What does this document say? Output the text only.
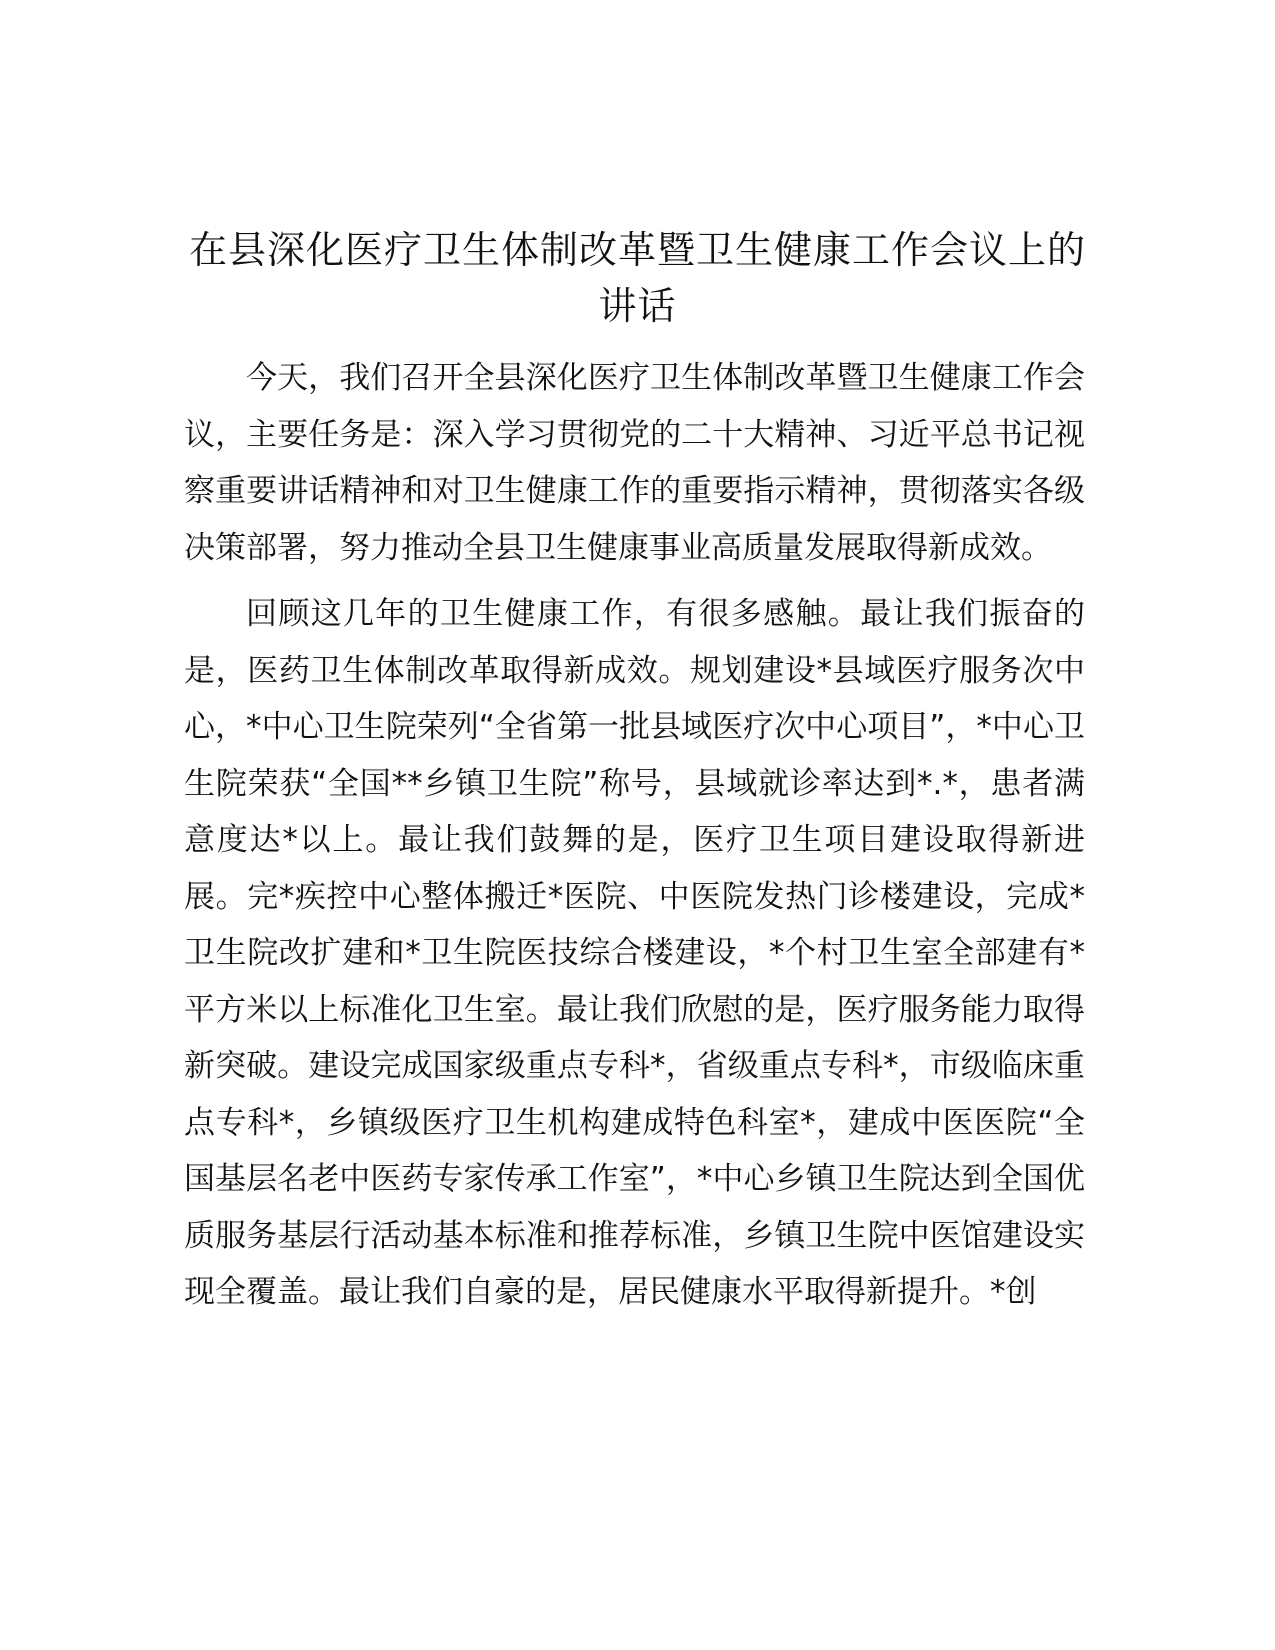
在县深化医疗卫生体制改革暨卫生健康工作会议上的讲话

今天，我们召开全县深化医疗卫生体制改革暨卫生健康工作会议，主要任务是：深入学习贯彻党的二十大精神、习近平总书记视察重要讲话精神和对卫生健康工作的重要指示精神，贯彻落实各级决策部署，努力推动全县卫生健康事业高质量发展取得新成效。

回顾这几年的卫生健康工作，有很多感触。最让我们振奋的是，医药卫生体制改革取得新成效。规划建设*县域医疗服务次中心，*中心卫生院荣列“全省第一批县域医疗次中心项目”，*中心卫生院荣获“全国**乡镇卫生院”称号，县域就诊率达到*.*，患者满意度达*以上。最让我们鼓舞的是，医疗卫生项目建设取得新进展。完*疾控中心整体搬迁*医院、中医院发热门诊楼建设，完成*卫生院改扩建和*卫生院医技综合楼建设，*个村卫生室全部建有*平方米以上标准化卫生室。最让我们欣慰的是，医疗服务能力取得新突破。建设完成国家级重点专科*，省级重点专科*，市级临床重点专科*，乡镇级医疗卫生机构建成特色科室*，建成中医医院“全国基层名老中医药专家传承工作室”，*中心乡镇卫生院达到全国优质服务基层行活动基本标准和推荐标准，乡镇卫生院中医馆建设实现全覆盖。最让我们自豪的是，居民健康水平取得新提升。*创
